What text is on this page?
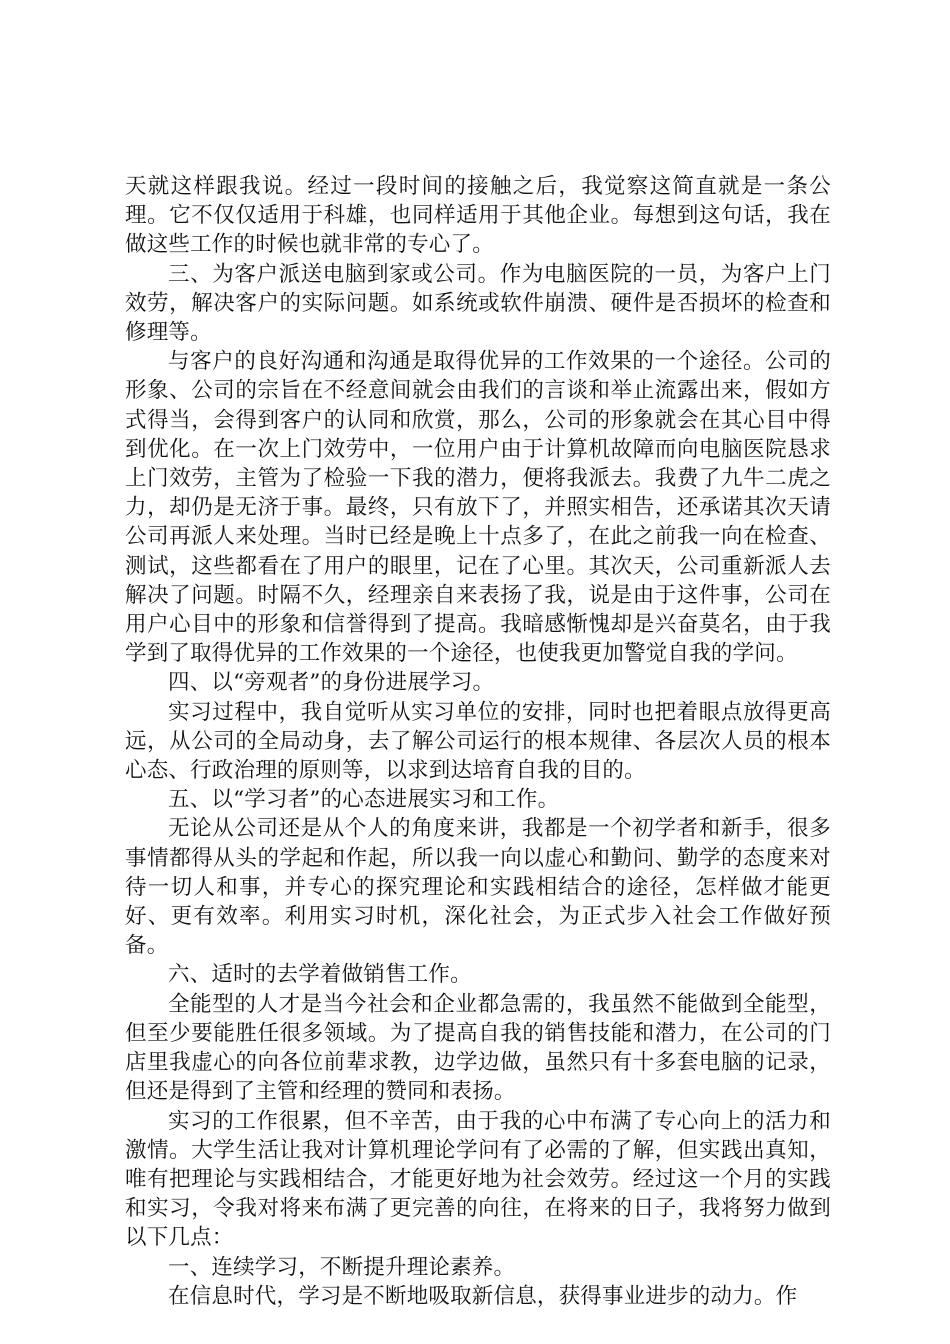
天就这样跟我说。经过一段时间的接触之后，我觉察这简直就是一条公理。它不仅仅适用于科雄，也同样适用于其他企业。每想到这句话，我在做这些工作的时候也就非常的专心了。

三、为客户派送电脑到家或公司。作为电脑医院的一员，为客户上门效劳，解决客户的实际问题。如系统或软件崩溃、硬件是否损坏的检查和修理等。

与客户的良好沟通和沟通是取得优异的工作效果的一个途径。公司的形象、公司的宗旨在不经意间就会由我们的言谈和举止流露出来，假如方式得当，会得到客户的认同和欣赏，那么，公司的形象就会在其心目中得到优化。在一次上门效劳中，一位用户由于计算机故障而向电脑医院恳求上门效劳，主管为了检验一下我的潜力，便将我派去。我费了九牛二虎之力，却仍是无济于事。最终，只有放下了，并照实相告，还承诺其次天请公司再派人来处理。当时已经是晚上十点多了，在此之前我一向在检查、测试，这些都看在了用户的眼里，记在了心里。其次天，公司重新派人去解决了问题。时隔不久，经理亲自来表扬了我，说是由于这件事，公司在用户心目中的形象和信誉得到了提高。我暗感惭愧却是兴奋莫名，由于我学到了取得优异的工作效果的一个途径，也使我更加警觉自我的学问。

四、以“旁观者”的身份进展学习。

实习过程中，我自觉听从实习单位的安排，同时也把着眼点放得更高远，从公司的全局动身，去了解公司运行的根本规律、各层次人员的根本心态、行政治理的原则等，以求到达培育自我的目的。

五、以“学习者”的心态进展实习和工作。

无论从公司还是从个人的角度来讲，我都是一个初学者和新手，很多事情都得从头的学起和作起，所以我一向以虚心和勤问、勤学的态度来对待一切人和事，并专心的探究理论和实践相结合的途径，怎样做才能更好、更有效率。利用实习时机，深化社会，为正式步入社会工作做好预备。

六、适时的去学着做销售工作。

全能型的人才是当今社会和企业都急需的，我虽然不能做到全能型，但至少要能胜任很多领域。为了提高自我的销售技能和潜力，在公司的门店里我虚心的向各位前辈求教，边学边做，虽然只有十多套电脑的记录，但还是得到了主管和经理的赞同和表扬。

实习的工作很累，但不辛苦，由于我的心中布满了专心向上的活力和激情。大学生活让我对计算机理论学问有了必需的了解，但实践出真知，唯有把理论与实践相结合，才能更好地为社会效劳。经过这一个月的实践和实习，令我对将来布满了更完善的向往，在将来的日子，我将努力做到以下几点：

一、连续学习，不断提升理论素养。

在信息时代，学习是不断地吸取新信息，获得事业进步的动力。作
